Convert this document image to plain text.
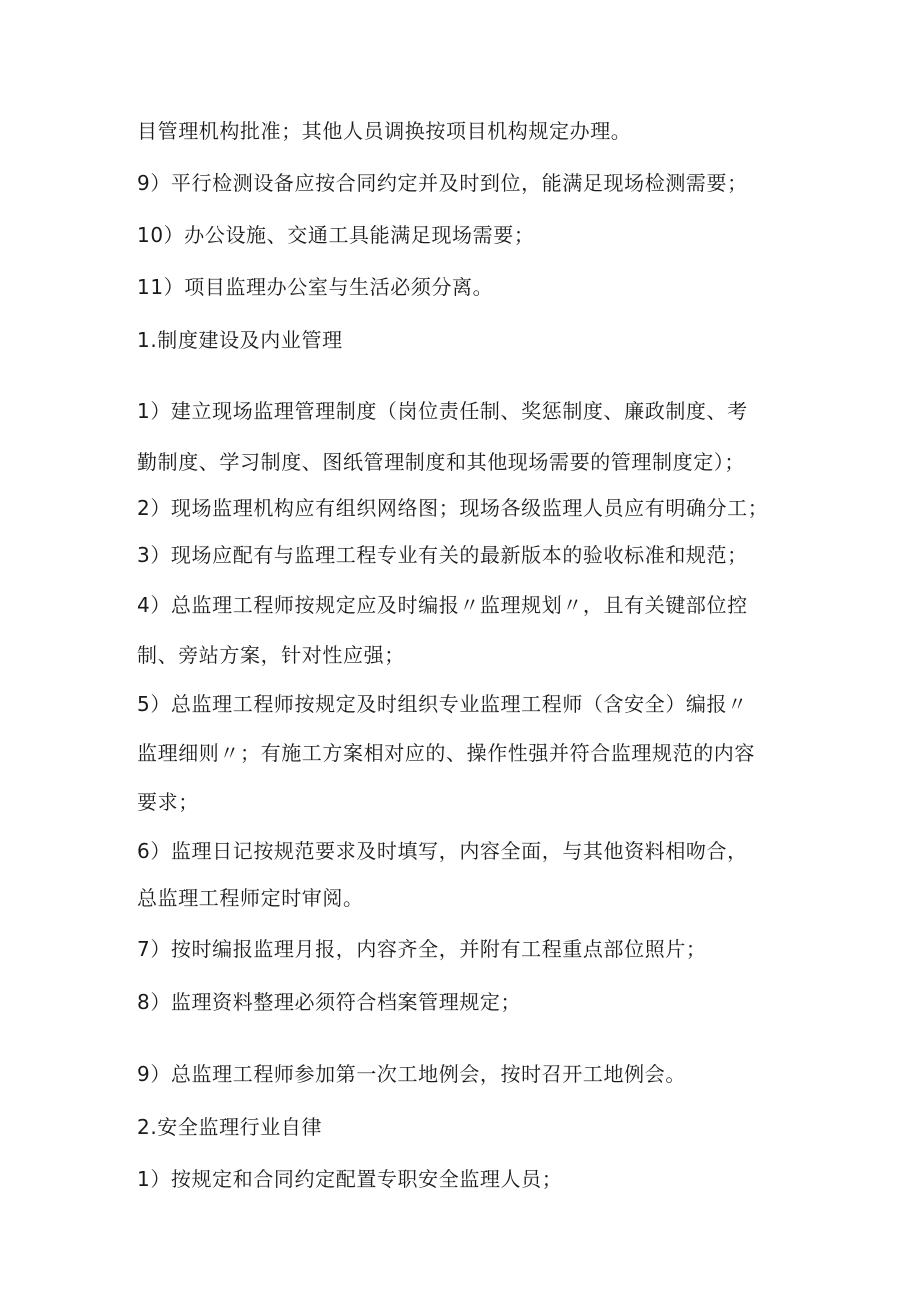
目管理机构批准；其他人员调换按项目机构规定办理。
9）平行检测设备应按合同约定并及时到位，能满足现场检测需要；
10）办公设施、交通工具能满足现场需要；
11）项目监理办公室与生活必须分离。
1.制度建设及内业管理
1）建立现场监理管理制度（岗位责任制、奖惩制度、廉政制度、考
勤制度、学习制度、图纸管理制度和其他现场需要的管理制度定）；
2）现场监理机构应有组织网络图；现场各级监理人员应有明确分工；
3）现场应配有与监理工程专业有关的最新版本的验收标准和规范；
4）总监理工程师按规定应及时编报〃监理规划〃，且有关键部位控
制、旁站方案，针对性应强；
5）总监理工程师按规定及时组织专业监理工程师（含安全）编报〃
监理细则〃；有施工方案相对应的、操作性强并符合监理规范的内容
要求；
6）监理日记按规范要求及时填写，内容全面，与其他资料相吻合，
总监理工程师定时审阅。
7）按时编报监理月报，内容齐全，并附有工程重点部位照片；
8）监理资料整理必须符合档案管理规定；
9）总监理工程师参加第一次工地例会，按时召开工地例会。
2.安全监理行业自律
1）按规定和合同约定配置专职安全监理人员；
